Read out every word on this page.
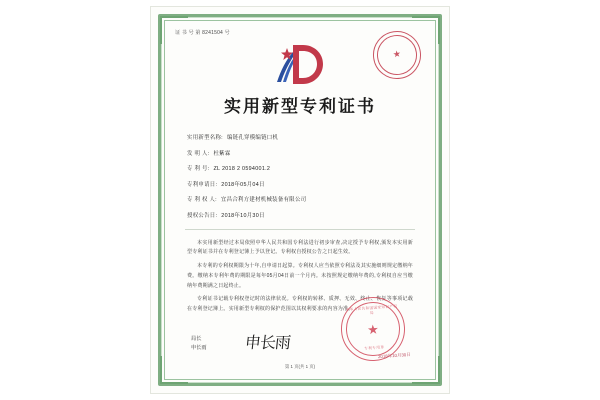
证 书 号 第 8241504 号
★
实用新型专利证书
实用新型名称: 编链孔穿模编链口机
发 明 人: 杜紫霖
专 利 号: ZL 2018 2 0594001.2
专利申请日: 2018年05月04日
专 利 权 人: 宜昌合利方建材机械装备有限公司
授权公告日: 2018年10月30日

本实用新型经过本局依照中华人民共和国专利法进行初步审查,决定授予专利权,颁发本实用新型专利证书并在专利登记簿上予以登记。专利权自授权公告之日起生效。

本专利的专利权期限为十年,自申请日起算。专利权人应当依照专利法及其实施细则规定缴纳年费。缴纳本专利年费的期限是每年05月04日前一个月内。未按照规定缴纳年费的,专利权自应当缴纳年费期满之日起终止。

专利证书记载专利权登记时的法律状况。专利权的转移、质押、无效、终止、恢复等事项记载在专利登记簿上。实用新型专利权的保护范围以其权利要求的内容为准。

局长
申长雨 申长雨
中华人民共和国国家知识产权局
★
专利专用章
2018年10月30日
第 1 页(共 1 页)
